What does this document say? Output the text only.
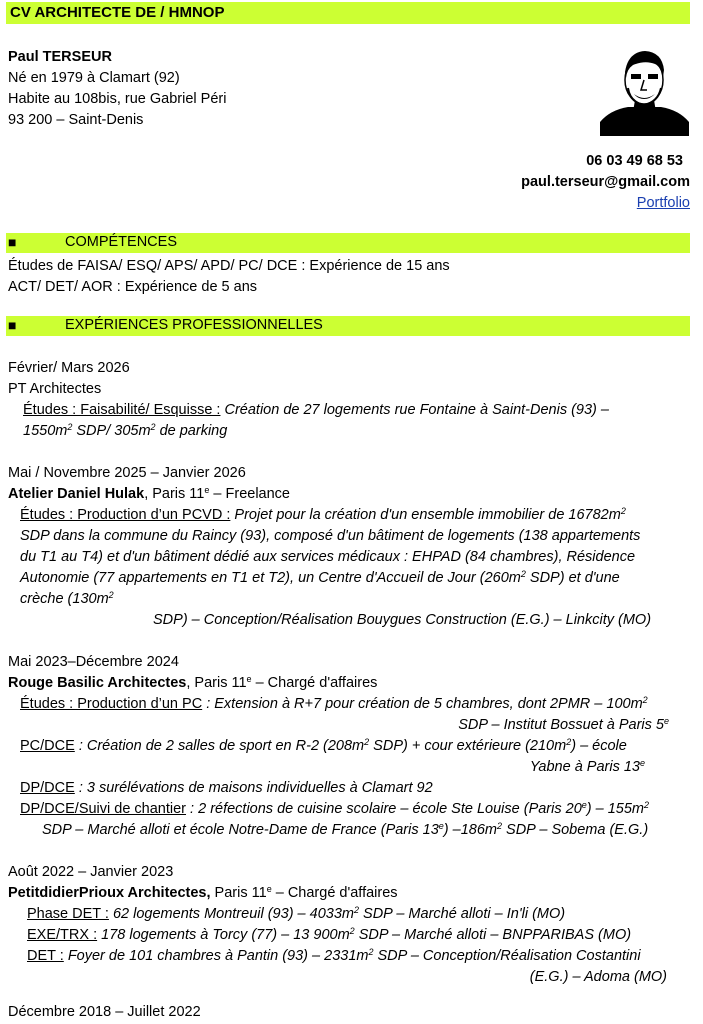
CV ARCHITECTE DE / HMNOP
Paul TERSEUR
Né en 1979 à Clamart (92)
Habite au 108bis, rue Gabriel Péri
93 200 – Saint-Denis
06 03 49 68 53
paul.terseur@gmail.com
Portfolio
■	COMPÉTENCES
Études de FAISA/ ESQ/ APS/ APD/ PC/ DCE : Expérience de 15 ans
ACT/ DET/ AOR : Expérience de 5 ans
■	EXPÉRIENCES PROFESSIONNELLES
Février/ Mars 2026
PT Architectes
Études : Faisabilité/ Esquisse : Création de 27 logements rue Fontaine à Saint-Denis (93) –
$1550m^2$ SDP/ $305m^2$ de parking
Mai / Novembre 2025 – Janvier 2026
Atelier Daniel Hulak, Paris 11e – Freelance
Études : Production d’un PCVD : Projet pour la création d'un ensemble immobilier de $16782m^2$
SDP dans la commune du Raincy (93), composé d'un bâtiment de logements (138 appartements
du T1 au T4) et d'un bâtiment dédié aux services médicaux : EHPAD (84 chambres), Résidence
Autonomie (77 appartements en T1 et T2), un Centre d'Accueil de Jour ($260m^2$ SDP) et d'une
crèche ($130m^2$
SDP) – Conception/Réalisation Bouygues Construction (E.G.) – Linkcity (MO)
Mai 2023–Décembre 2024
Rouge Basilic Architectes, Paris 11e – Chargé d'affaires
Études : Production d’un PC : Extension à R+7 pour création de 5 chambres, dont $2PMR - 100m^2$
SDP – Institut Bossuet à Paris 5e
PC/DCE : Création de 2 salles de sport en R-2 ($208m^2$ SDP) + cour extérieure $(210m^2)$ – école
Yabne à Paris 13e
DP/DCE : 3 surélévations de maisons individuelles à Clamart 92
DP/DCE/Suivi de chantier : 2 réfections de cuisine scolaire – école Ste Louise (Paris $20e) - 155m^2$
SDP – Marché alloti et école Notre-Dame de France (Paris 13e) $-186m^2$ SDP – Sobema (E.G.)
Août 2022 – Janvier 2023
PetitdidierPrioux Architectes, Paris 11e – Chargé d'affaires
Phase DET : 62 logements Montreuil $(93) - 4033m^2$ SDP – Marché alloti – In'li (MO)
EXE/TRX : 178 logements à Torcy (77) – 13 $900m^2$ SDP – Marché alloti – BNPPARIBAS (MO)
DET : Foyer de 101 chambres à Pantin $(93) - 2331m^2$ SDP – Conception/Réalisation Costantini
(E.G.) – Adoma (MO)
Décembre 2018 – Juillet 2022
